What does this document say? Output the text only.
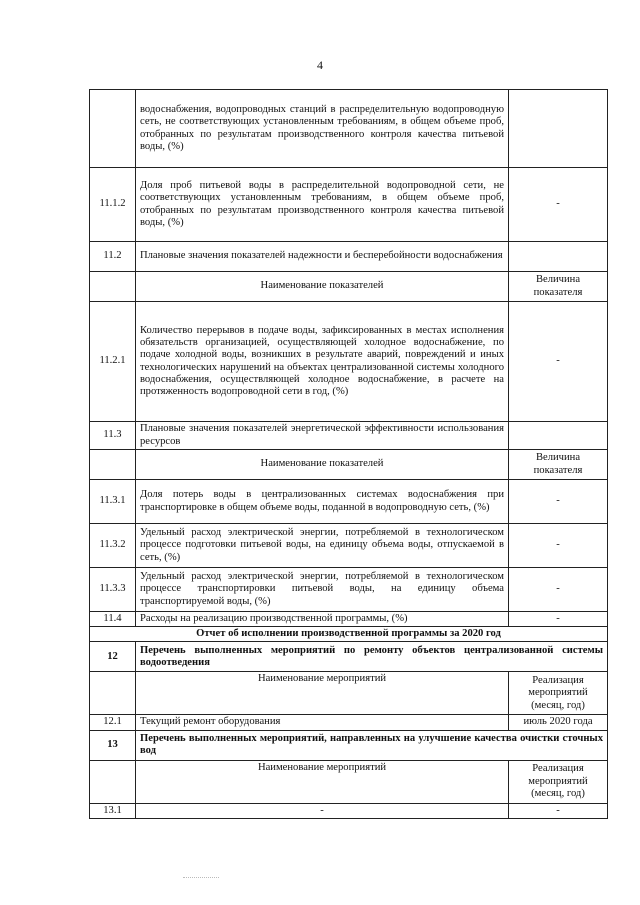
4
	водоснабжения, водопроводных станций в распределительную водопроводную сеть, не соответствующих установленным требованиям, в общем объеме проб, отобранных по результатам производственного контроля качества питьевой воды, (%)	
11.1.2	Доля проб питьевой воды в распределительной водопроводной сети, не соответствующих установленным требованиям, в общем объеме проб, отобранных по результатам производственного контроля качества питьевой воды, (%)	-
11.2	Плановые значения показателей надежности и бесперебойности водоснабжения	
	Наименование показателей	Величина показателя
11.2.1	Количество перерывов в подаче воды, зафиксированных в местах исполнения обязательств организацией, осуществляющей холодное водоснабжение, по подаче холодной воды, возникших в результате аварий, повреждений и иных технологических нарушений на объектах централизованной системы холодного водоснабжения, осуществляющей холодное водоснабжение, в расчете на протяженность водопроводной сети в год, (%)	-
11.3	Плановые значения показателей энергетической эффективности использования ресурсов	
	Наименование показателей	Величина показателя
11.3.1	Доля потерь воды в централизованных системах водоснабжения при транспортировке в общем объеме воды, поданной в водопроводную сеть, (%)	-
11.3.2	Удельный расход электрической энергии, потребляемой в технологическом процессе подготовки питьевой воды, на единицу объема воды, отпускаемой в сеть, (%)	-
11.3.3	Удельный расход электрической энергии, потребляемой в технологическом процессе транспортировки питьевой воды, на единицу объема транспортируемой воды, (%)	-
11.4	Расходы на реализацию производственной программы, (%)	-
Отчет об исполнении производственной программы за 2020 год		
12	Перечень выполненных мероприятий по ремонту объектов централизованной системы водоотведения	
	Наименование мероприятий	Реализация мероприятий (месяц, год)
12.1	Текущий ремонт оборудования	июль 2020 года
13	Перечень выполненных мероприятий, направленных на улучшение качества очистки сточных вод	
	Наименование мероприятий	Реализация мероприятий (месяц, год)
13.1	-	-
